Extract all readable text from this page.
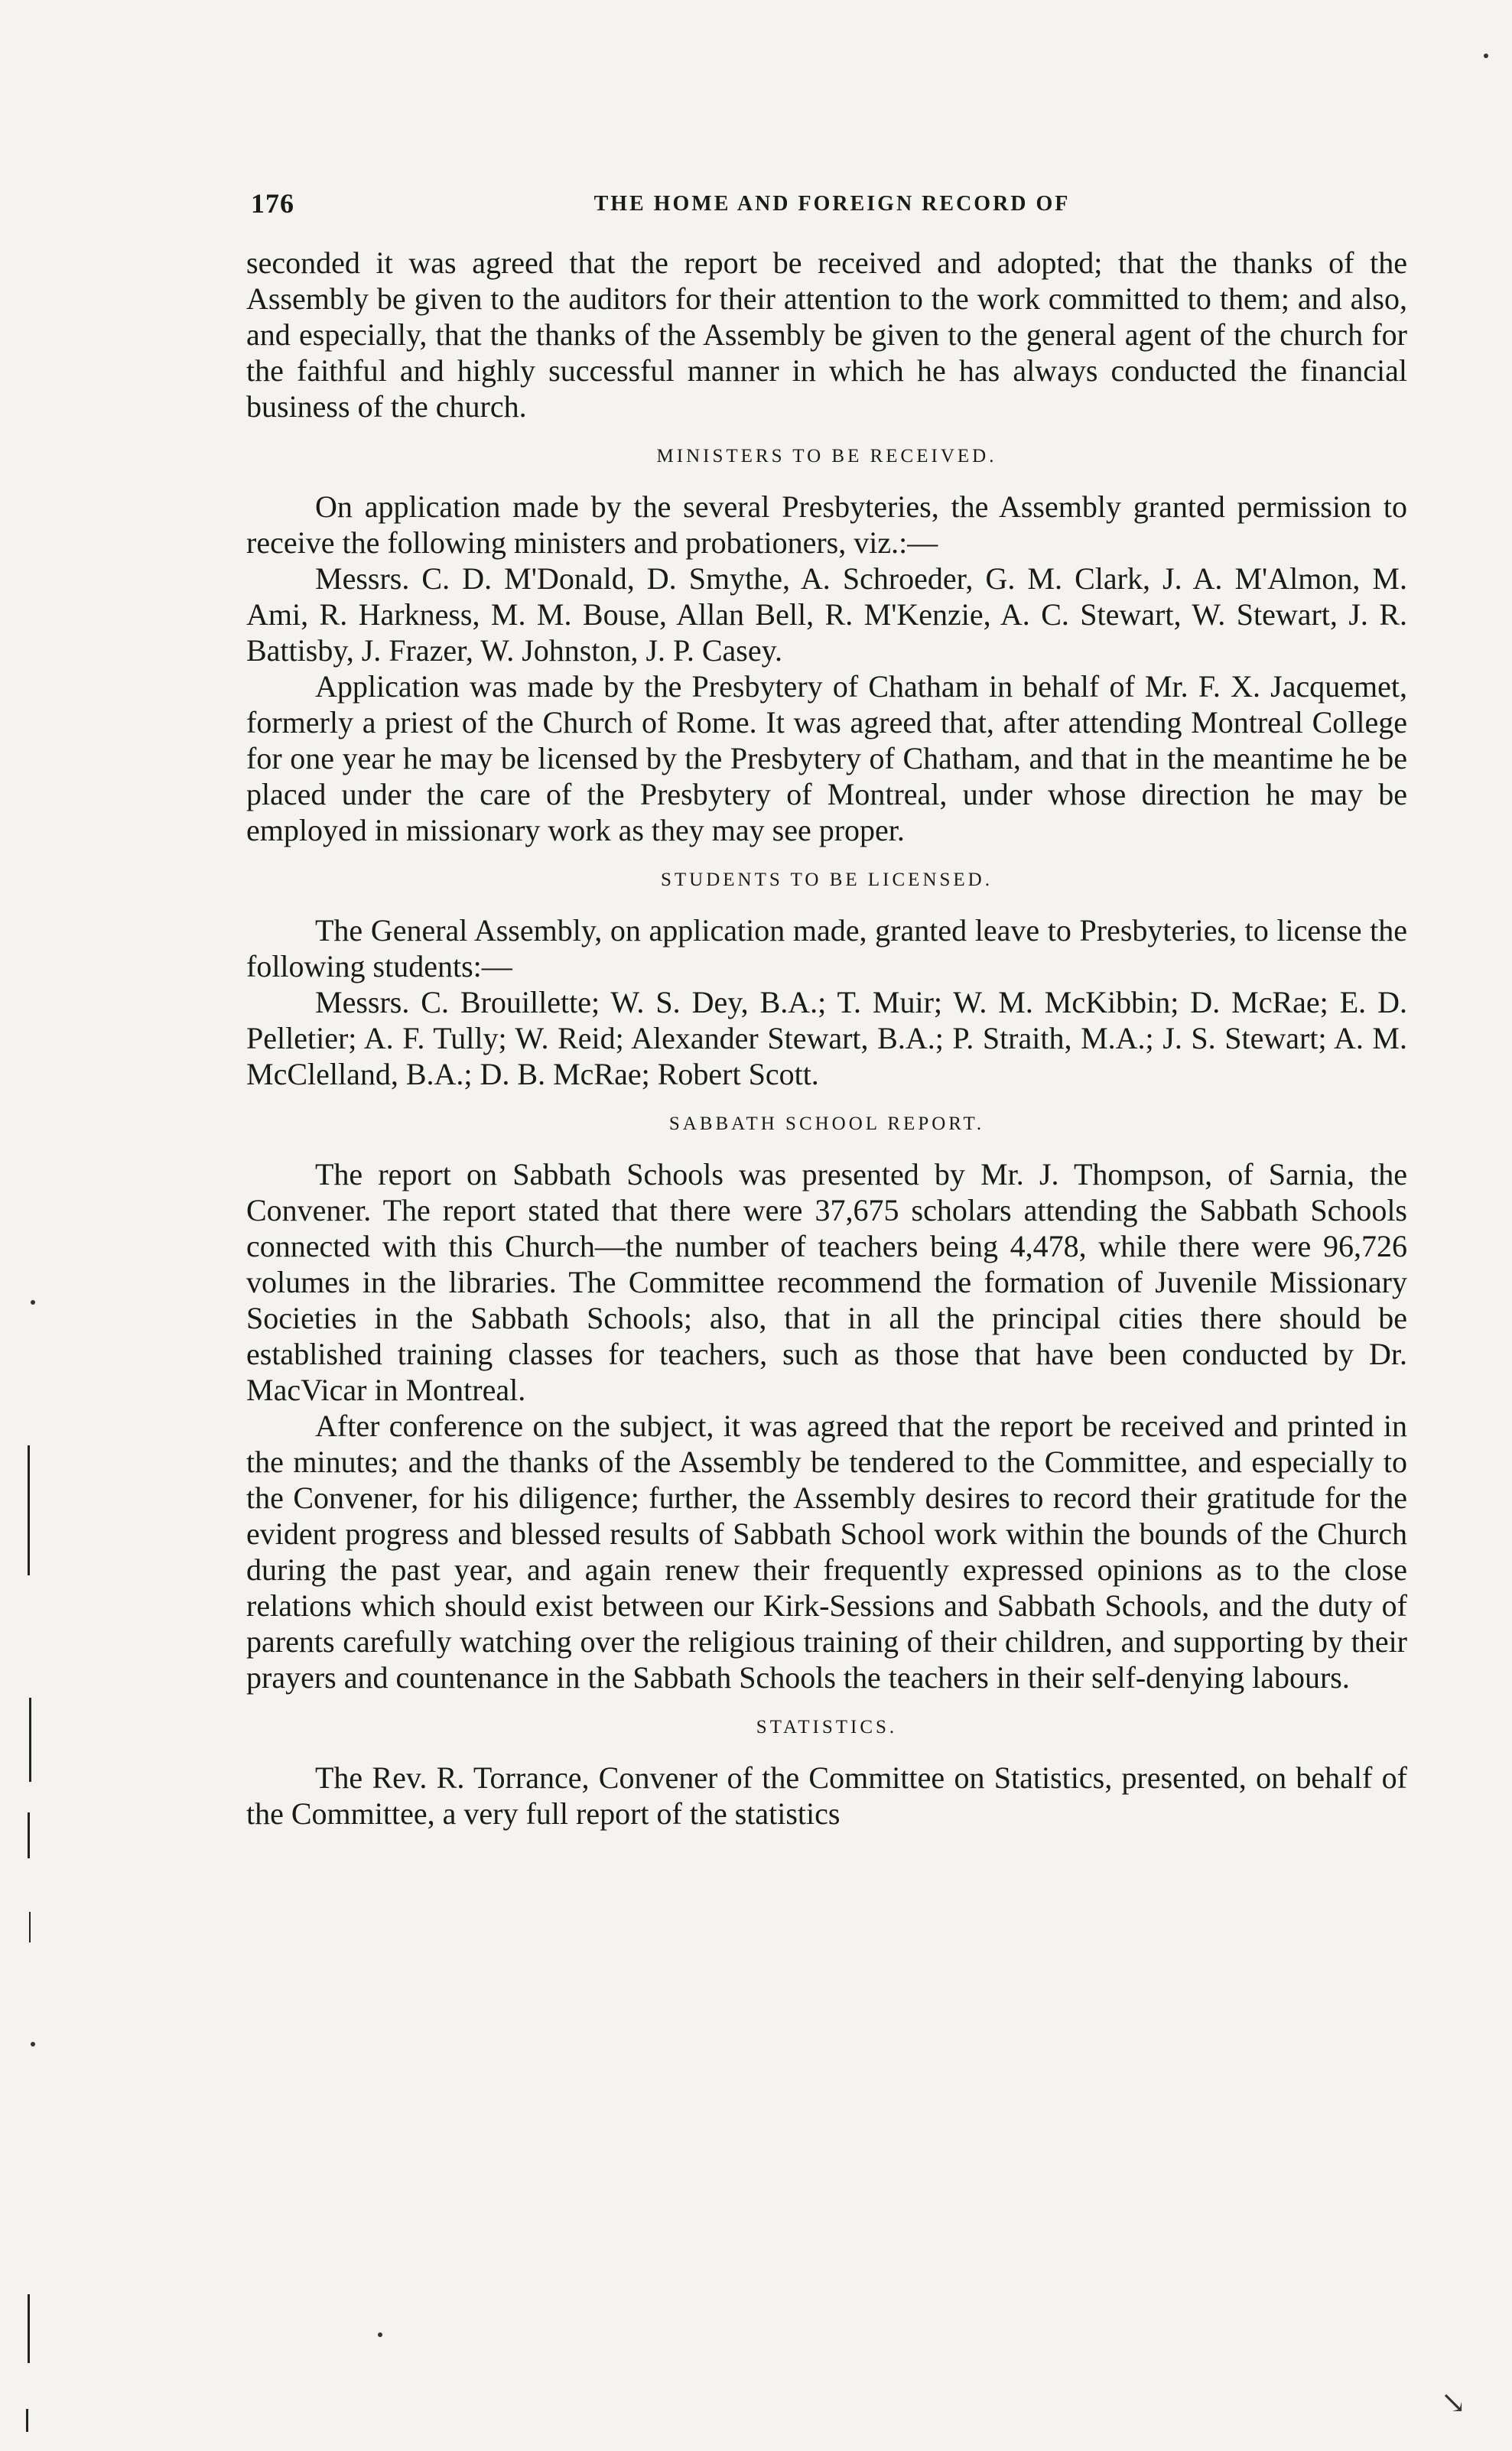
176	THE HOME AND FOREIGN RECORD OF

seconded it was agreed that the report be received and adopted; that the thanks of the Assembly be given to the auditors for their attention to the work committed to them; and also, and especially, that the thanks of the Assembly be given to the general agent of the church for the faithful and highly successful manner in which he has always conducted the financial business of the church.

MINISTERS TO BE RECEIVED.

On application made by the several Presbyteries, the Assembly granted permission to receive the following ministers and probationers, viz.:—

Messrs. C. D. M'Donald, D. Smythe, A. Schroeder, G. M. Clark, J. A. M'Almon, M. Ami, R. Harkness, M. M. Bouse, Allan Bell, R. M'Kenzie, A. C. Stewart, W. Stewart, J. R. Battisby, J. Frazer, W. Johnston, J. P. Casey.

Application was made by the Presbytery of Chatham in behalf of Mr. F. X. Jacquemet, formerly a priest of the Church of Rome. It was agreed that, after attending Montreal College for one year he may be licensed by the Presbytery of Chatham, and that in the meantime he be placed under the care of the Presbytery of Montreal, under whose direction he may be employed in missionary work as they may see proper.

STUDENTS TO BE LICENSED.

The General Assembly, on application made, granted leave to Presbyteries, to license the following students:—

Messrs. C. Brouillette; W. S. Dey, B.A.; T. Muir; W. M. McKibbin; D. McRae; E. D. Pelletier; A. F. Tully; W. Reid; Alexander Stewart, B.A.; P. Straith, M.A.; J. S. Stewart; A. M. McClelland, B.A.; D. B. McRae; Robert Scott.

SABBATH SCHOOL REPORT.

The report on Sabbath Schools was presented by Mr. J. Thompson, of Sarnia, the Convener. The report stated that there were 37,675 scholars attending the Sabbath Schools connected with this Church—the number of teachers being 4,478, while there were 96,726 volumes in the libraries. The Committee recommend the formation of Juvenile Missionary Societies in the Sabbath Schools; also, that in all the principal cities there should be established training classes for teachers, such as those that have been conducted by Dr. MacVicar in Montreal.

After conference on the subject, it was agreed that the report be received and printed in the minutes; and the thanks of the Assembly be tendered to the Committee, and especially to the Convener, for his diligence; further, the Assembly desires to record their gratitude for the evident progress and blessed results of Sabbath School work within the bounds of the Church during the past year, and again renew their frequently expressed opinions as to the close relations which should exist between our Kirk-Sessions and Sabbath Schools, and the duty of parents carefully watching over the religious training of their children, and supporting by their prayers and countenance in the Sabbath Schools the teachers in their self-denying labours.

STATISTICS.

The Rev. R. Torrance, Convener of the Committee on Statistics, presented, on behalf of the Committee, a very full report of the statistics

↘
